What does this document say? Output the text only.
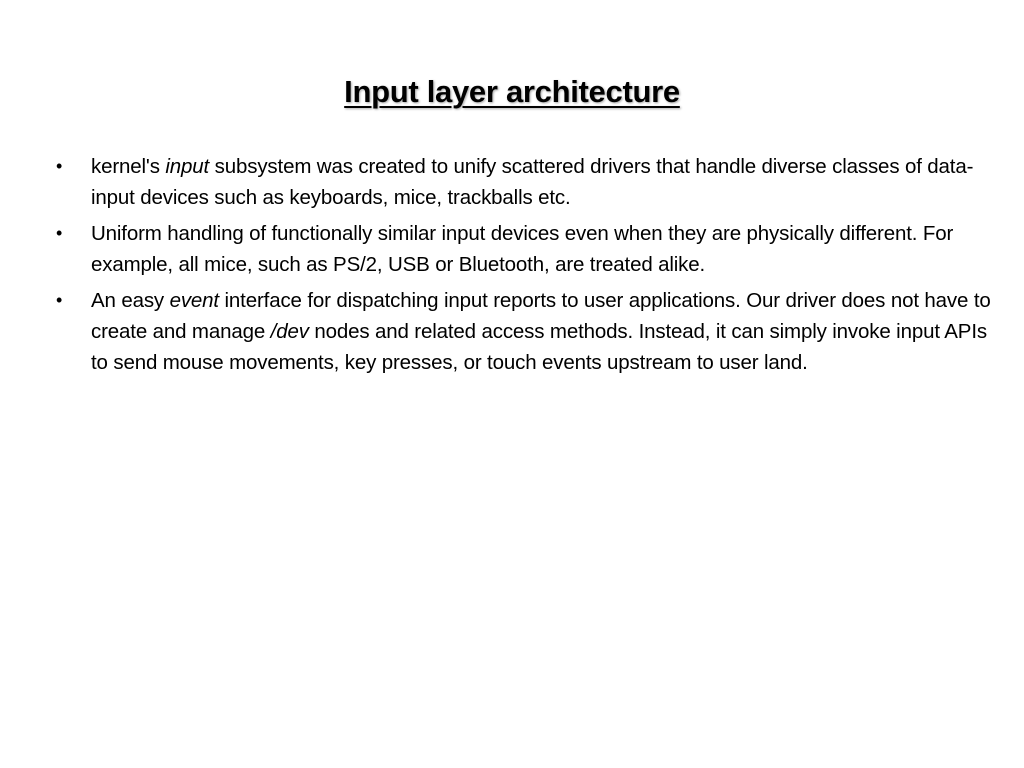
Input layer architecture
• kernel's input subsystem was created to unify scattered drivers that handle diverse classes of data-input devices such as keyboards, mice, trackballs etc.
• Uniform handling of functionally similar input devices even when they are physically different. For example, all mice, such as PS/2, USB or Bluetooth, are treated alike.
• An easy event interface for dispatching input reports to user applications. Our driver does not have to create and manage /dev nodes and related access methods. Instead, it can simply invoke input APIs to send mouse movements, key presses, or touch events upstream to user land.
